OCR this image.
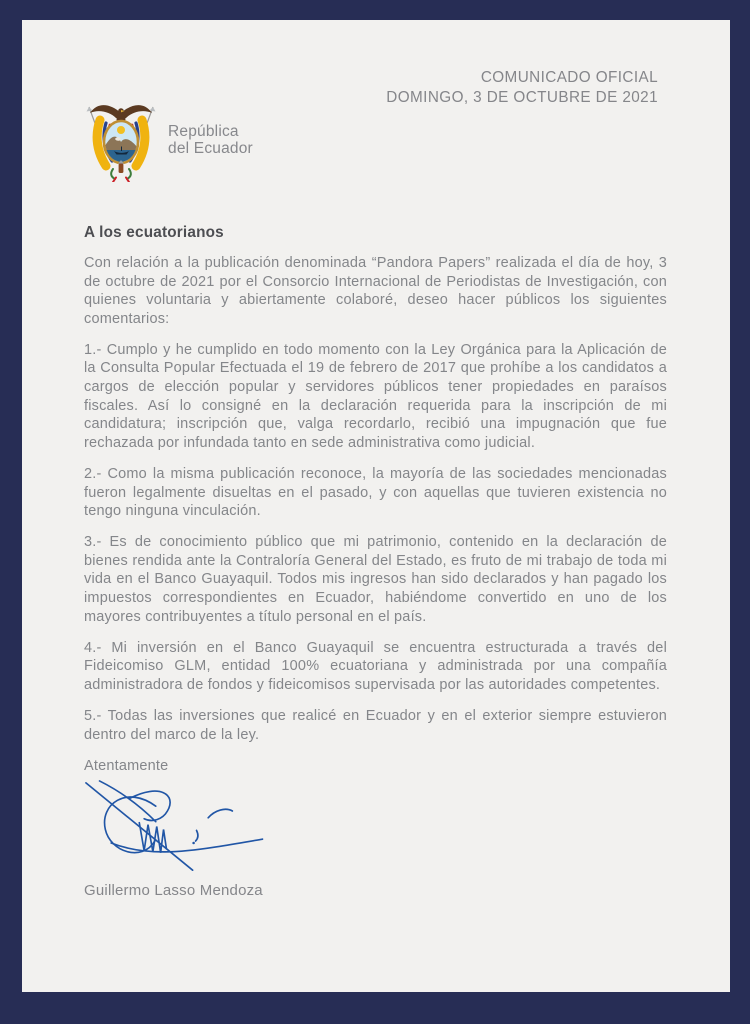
COMUNICADO OFICIAL
DOMINGO, 3 DE OCTUBRE DE 2021
República
del Ecuador
A los ecuatorianos

Con relación a la publicación denominada “Pandora Papers” realizada el día de hoy, 3 de octubre de 2021 por el Consorcio Internacional de Periodistas de Investigación, con quienes voluntaria y abiertamente colaboré, deseo hacer públicos los siguientes comentarios:

1.- Cumplo y he cumplido en todo momento con la Ley Orgánica para la Aplicación de la Consulta Popular Efectuada el 19 de febrero de 2017 que prohíbe a los candidatos a cargos de elección popular y servidores públicos tener propiedades en paraísos fiscales. Así lo consigné en la declaración requerida para la inscripción de mi candidatura; inscripción que, valga recordarlo, recibió una impugnación que fue rechazada por infundada tanto en sede administrativa como judicial.

2.- Como la misma publicación reconoce, la mayoría de las sociedades mencionadas fueron legalmente disueltas en el pasado, y con aquellas que tuvieren existencia no tengo ninguna vinculación.

3.- Es de conocimiento público que mi patrimonio, contenido en la declaración de bienes rendida ante la Contraloría General del Estado, es fruto de mi trabajo de toda mi vida en el Banco Guayaquil. Todos mis ingresos han sido declarados y han pagado los impuestos correspondientes en Ecuador, habiéndome convertido en uno de los mayores contribuyentes a título personal en el país.

4.- Mi inversión en el Banco Guayaquil se encuentra estructurada a través del Fideicomiso GLM, entidad 100% ecuatoriana y administrada por una compañía administradora de fondos y fideicomisos supervisada por las autoridades competentes.

5.- Todas las inversiones que realicé en Ecuador y en el exterior siempre estuvieron dentro del marco de la ley.

Atentamente

Guillermo Lasso Mendoza
